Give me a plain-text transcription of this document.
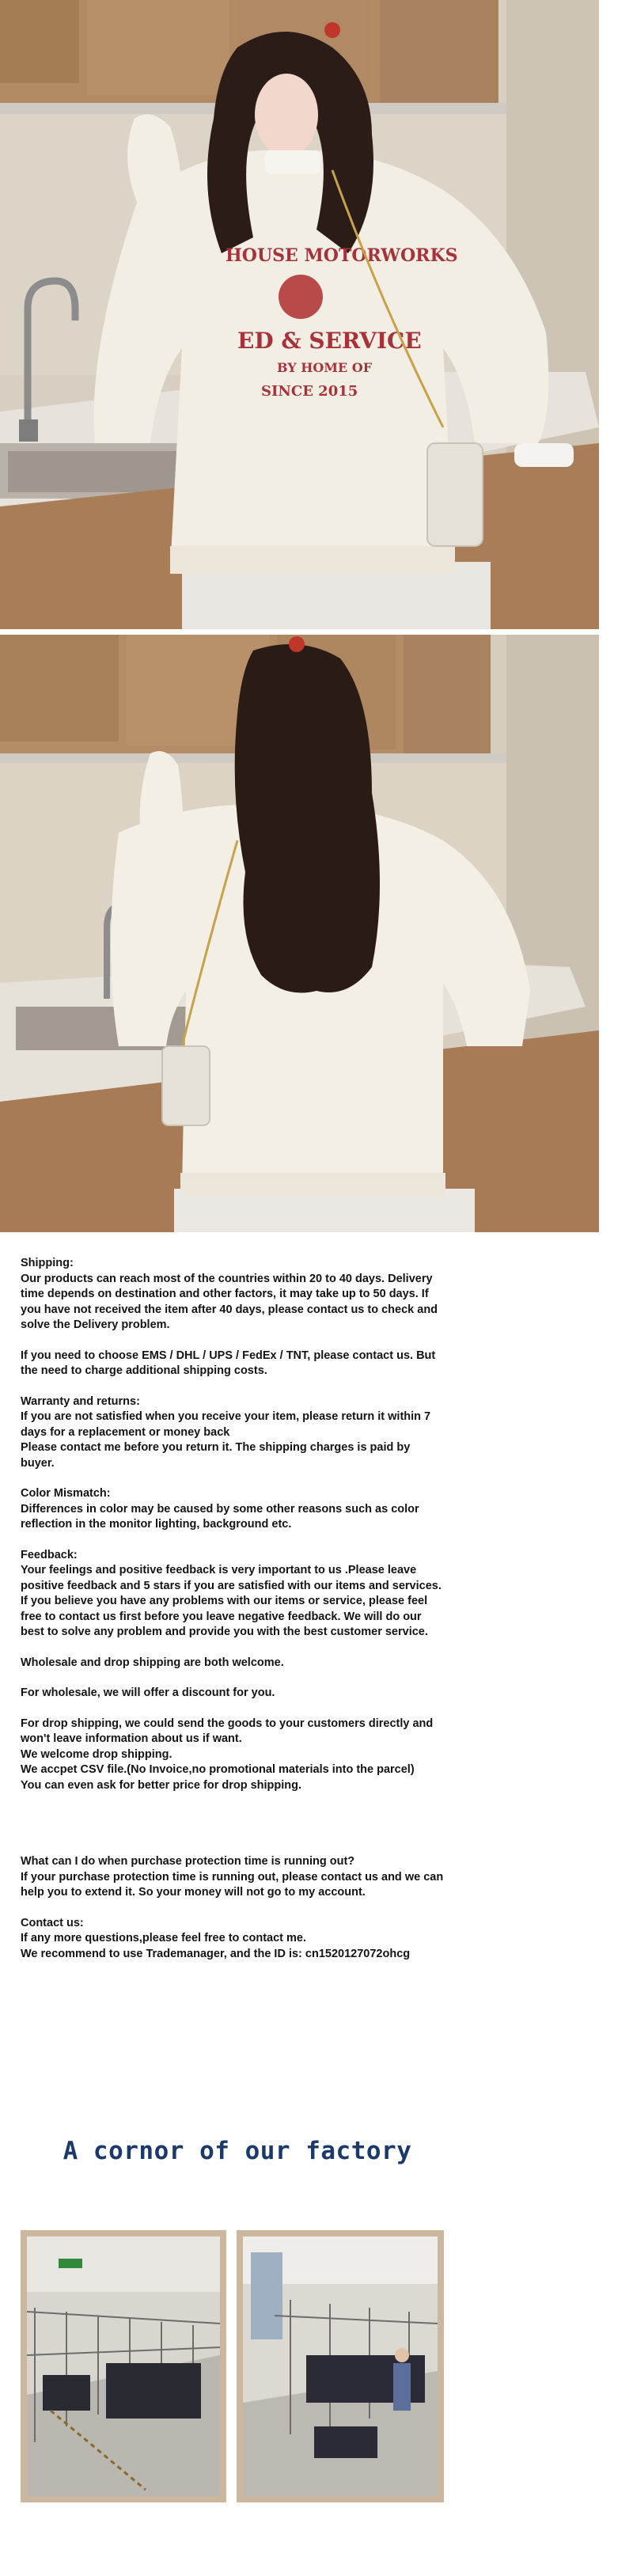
HOUSE MOTORWORKS
ED & SERVICE
BY HOME OF
SINCE 2015

Shipping:
Our products can reach most of the countries within 20 to 40 days. Delivery
time depends on destination and other factors, it may take up to 50 days. If
you have not received the item after 40 days, please contact us to check and
solve the Delivery problem.

If you need to choose EMS / DHL / UPS / FedEx / TNT, please contact us. But
the need to charge additional shipping costs.

Warranty and returns:
If you are not satisfied when you receive your item, please return it within 7
days for a replacement or money back
Please contact me before you return it. The shipping charges is paid by
buyer.

Color Mismatch:
Differences in color may be caused by some other reasons such as color
reflection in the monitor lighting, background etc.

Feedback:
Your feelings and positive feedback is very important to us .Please leave
positive feedback and 5 stars if you are satisfied with our items and services.
If you believe you have any problems with our items or service, please feel
free to contact us first before you leave negative feedback. We will do our
best to solve any problem and provide you with the best customer service.

Wholesale and drop shipping are both welcome.

For wholesale, we will offer a discount for you.

For drop shipping, we could send the goods to your customers directly and
won't leave information about us if want.
We welcome drop shipping.
We accpet CSV file.(No Invoice,no promotional materials into the parcel)
You can even ask for better price for drop shipping.

What can I do when purchase protection time is running out?
If your purchase protection time is running out, please contact us and we can
help you to extend it. So your money will not go to my account.

Contact us:
If any more questions,please feel free to contact me.
We recommend to use Trademanager, and the ID is: cn1520127072ohcg

A cornor of our factory
